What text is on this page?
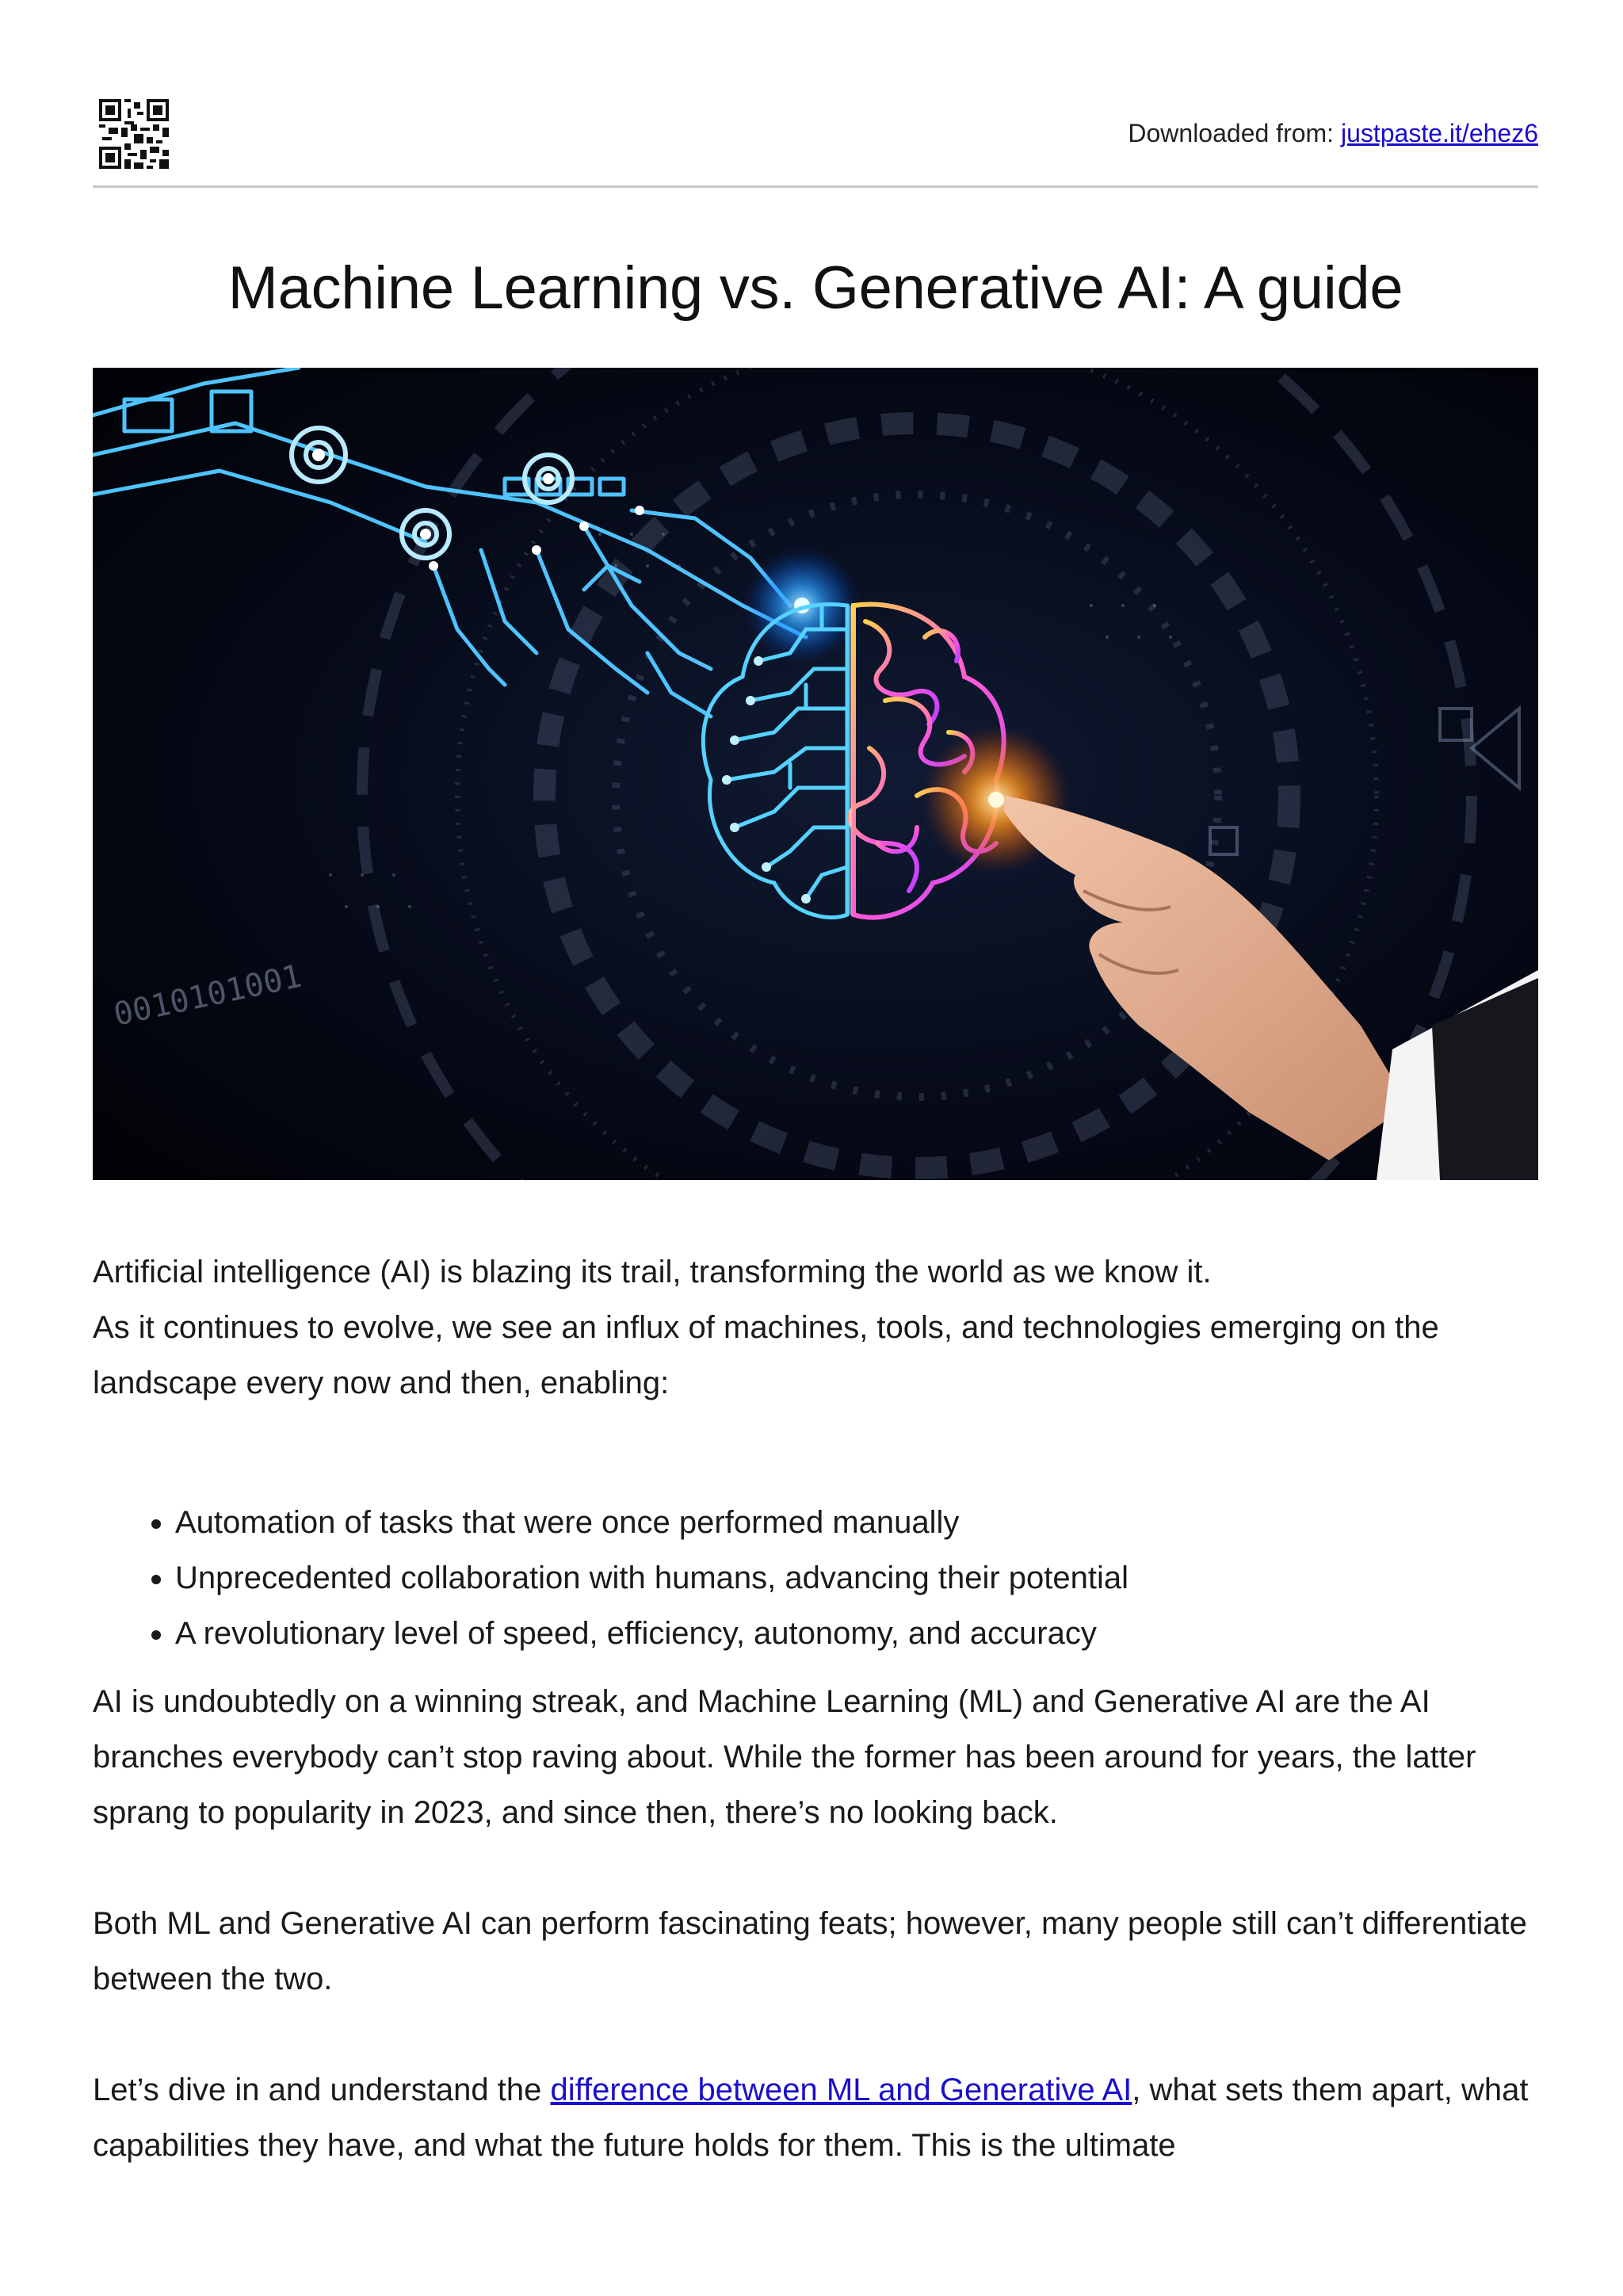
Downloaded from: justpaste.it/ehez6
Machine Learning vs. Generative AI: A guide
0010101001

Artificial intelligence (AI) is blazing its trail, transforming the world as we know it.

As it continues to evolve, we see an influx of machines, tools, and technologies emerging on the landscape every now and then, enabling:

• Automation of tasks that were once performed manually
• Unprecedented collaboration with humans, advancing their potential
• A revolutionary level of speed, efficiency, autonomy, and accuracy

AI is undoubtedly on a winning streak, and Machine Learning (ML) and Generative AI are the AI branches everybody can’t stop raving about. While the former has been around for years, the latter sprang to popularity in 2023, and since then, there’s no looking back.

Both ML and Generative AI can perform fascinating feats; however, many people still can’t differentiate between the two.

Let’s dive in and understand the difference between ML and Generative AI, what sets them apart, what capabilities they have, and what the future holds for them. This is the ultimate
